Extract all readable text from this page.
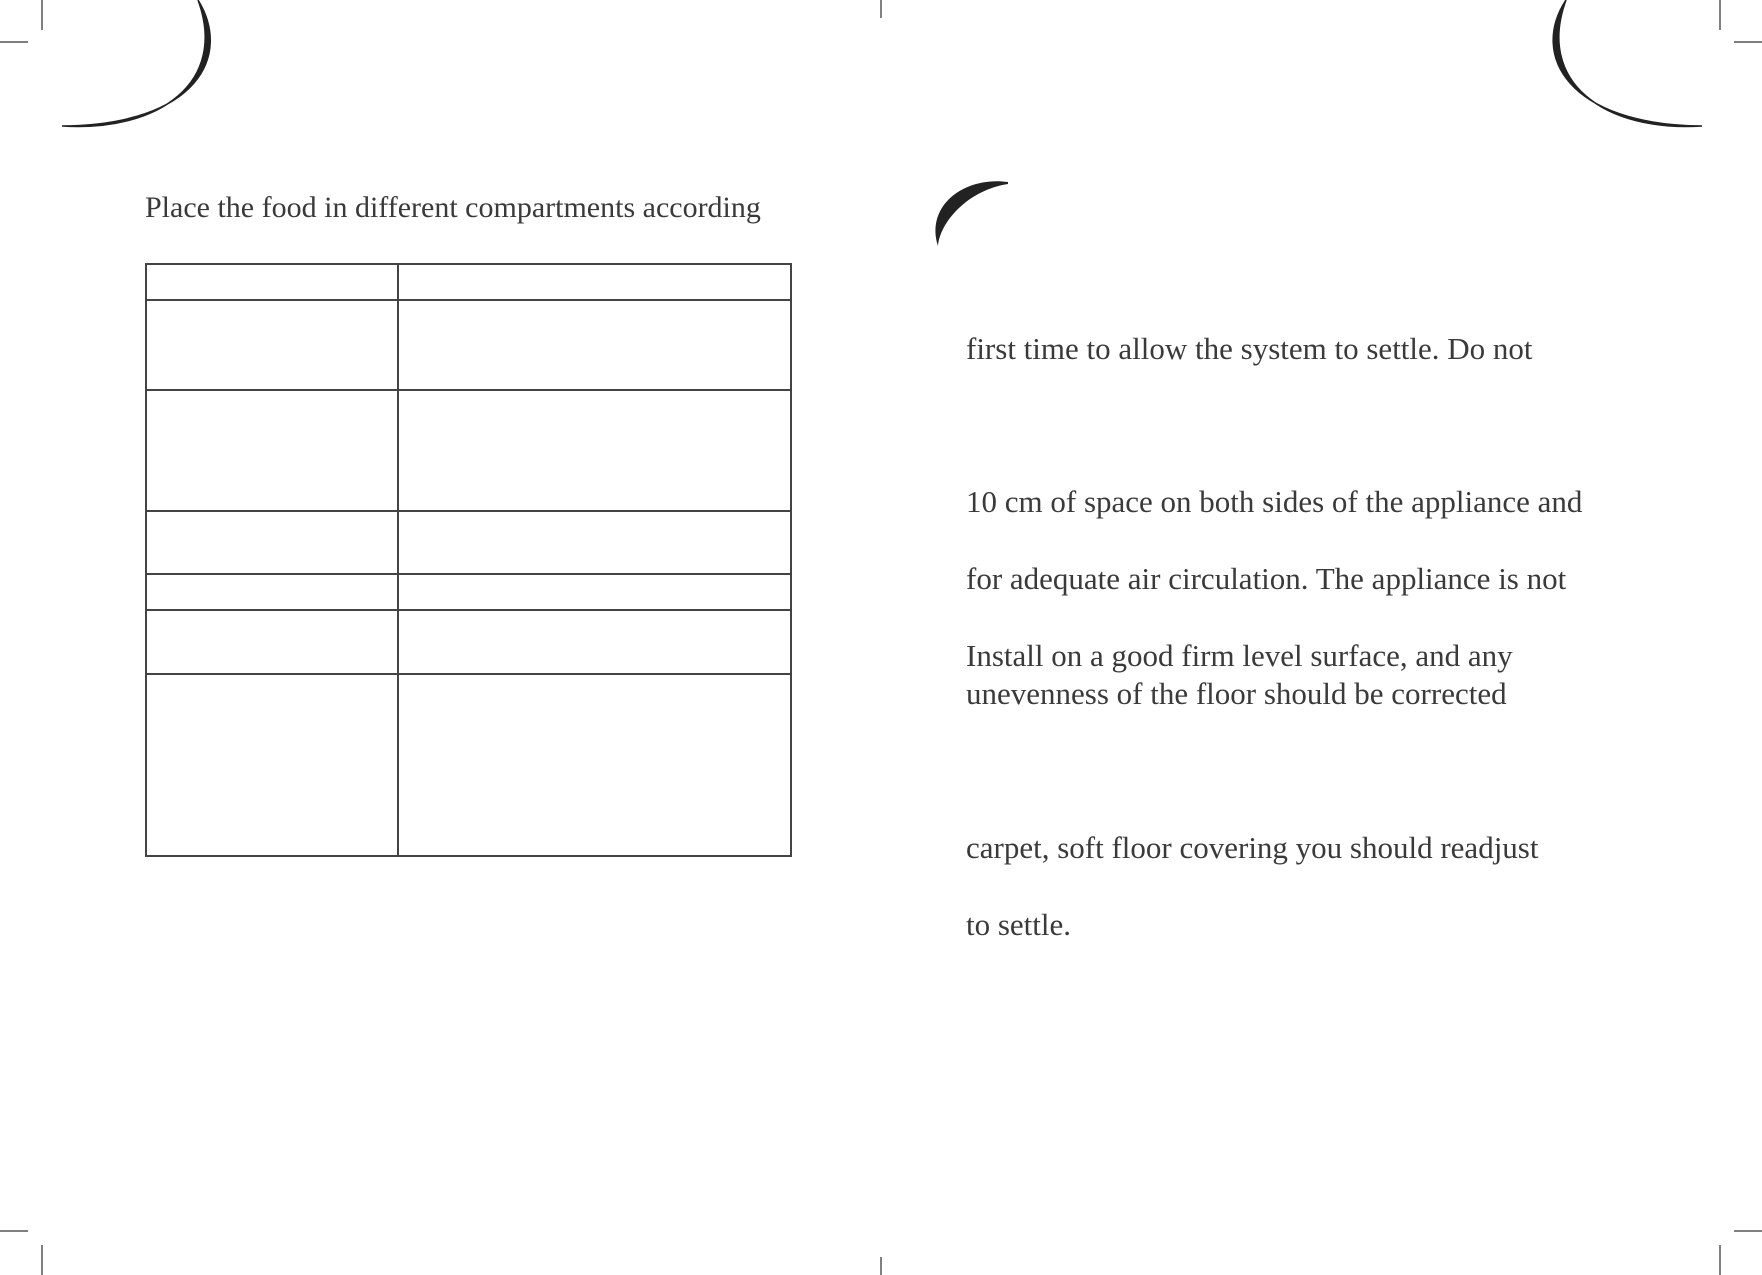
Place the food in different compartments according

first time to allow the system to settle. Do not

10 cm of space on both sides of the appliance and

for adequate air circulation. The appliance is not

Install on a good firm level surface, and any

unevenness of the floor should be corrected

carpet, soft floor covering you should readjust

to settle.
